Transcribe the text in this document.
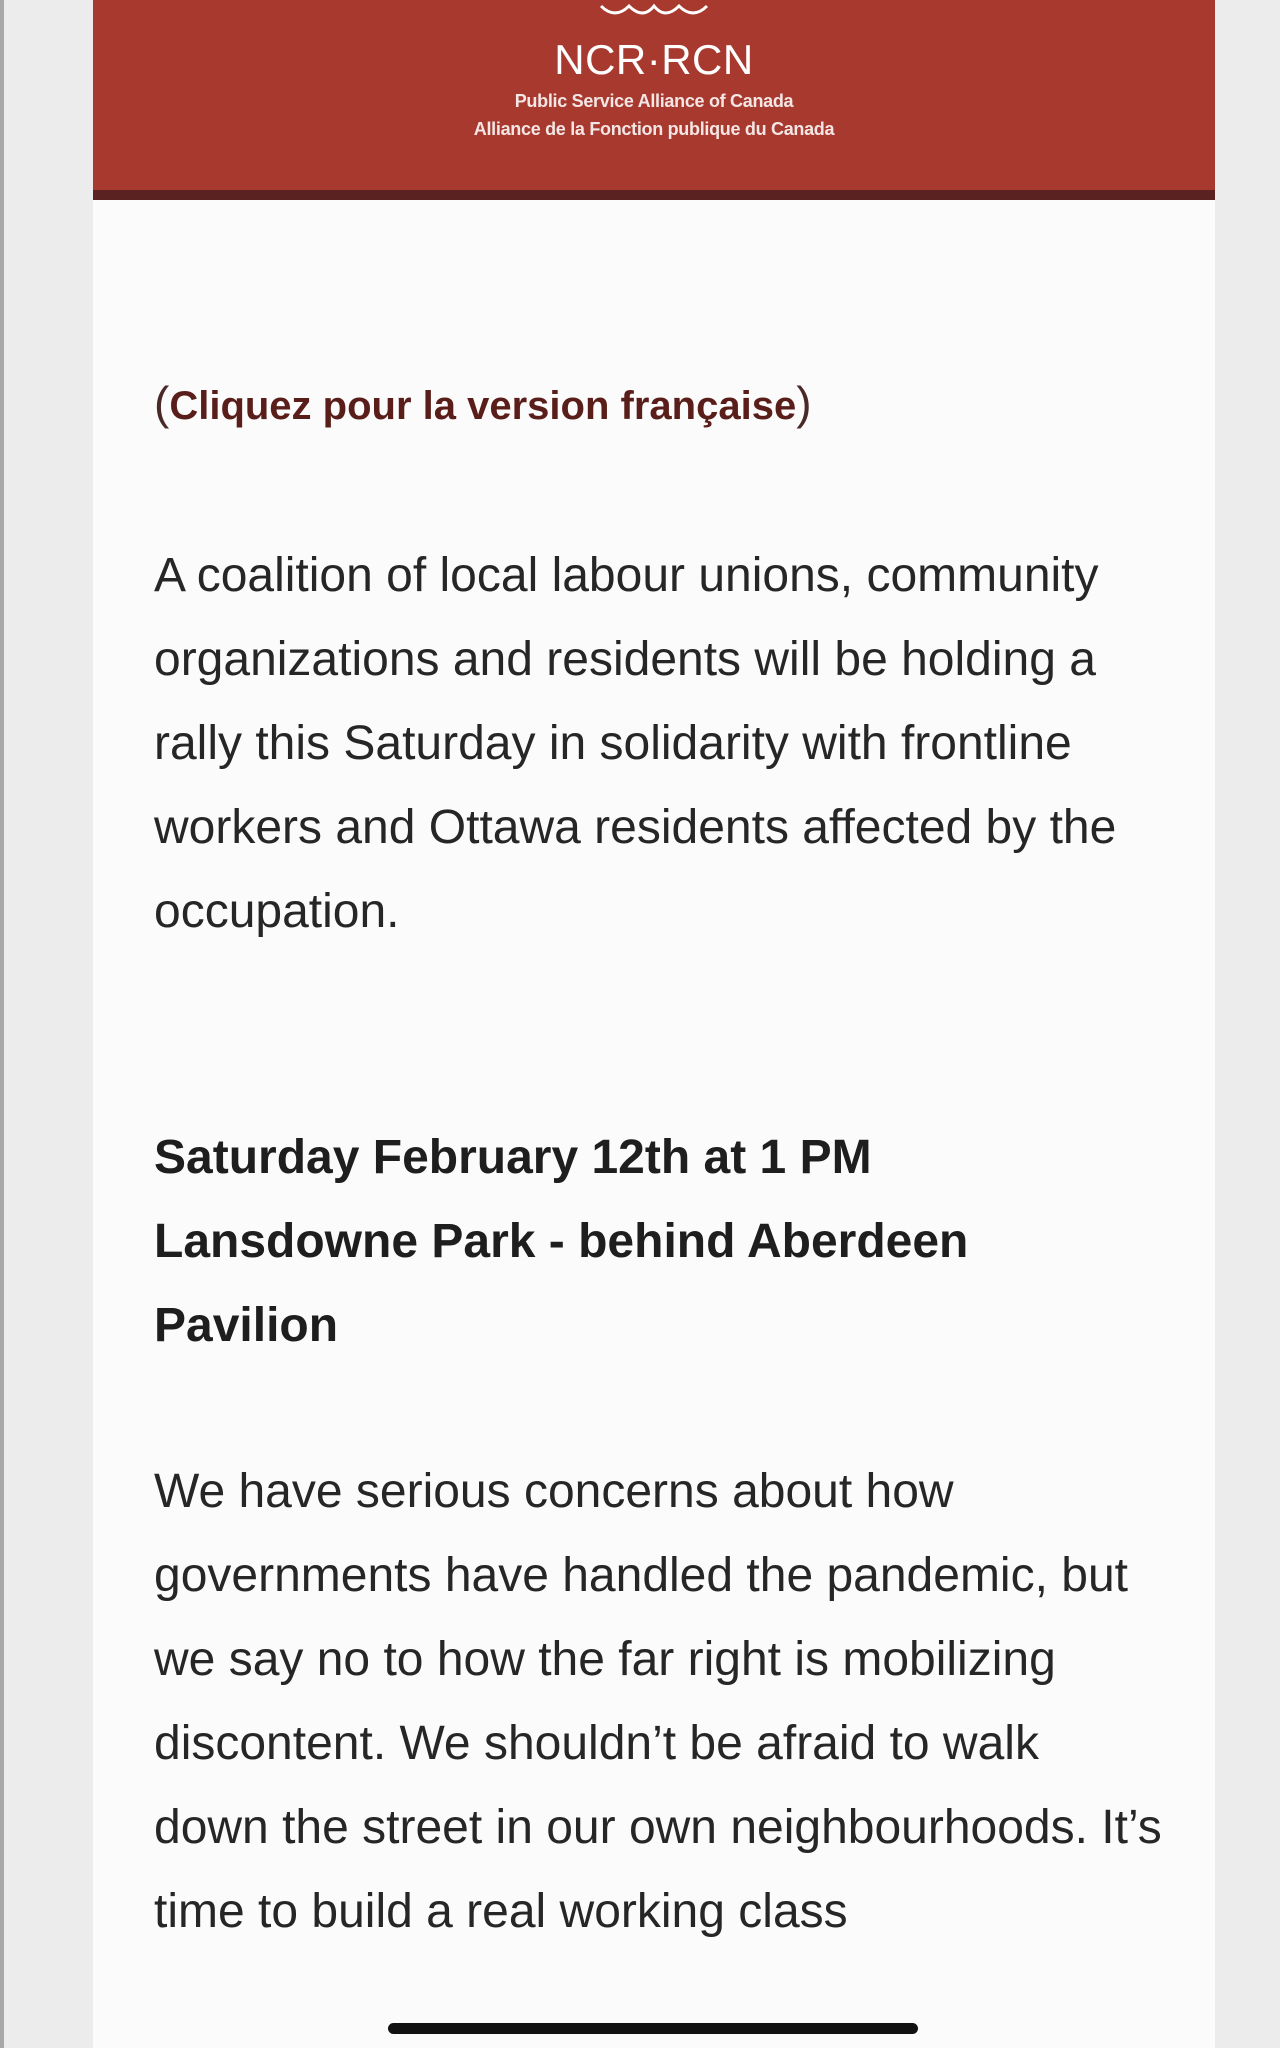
NCR·RCN
Public Service Alliance of Canada
Alliance de la Fonction publique du Canada
(Cliquez pour la version française)

A coalition of local labour unions, community organizations and residents will be holding a rally this Saturday in solidarity with frontline workers and Ottawa residents affected by the occupation.

Saturday February 12th at 1 PM
Lansdowne Park - behind Aberdeen Pavilion

We have serious concerns about how governments have handled the pandemic, but we say no to how the far right is mobilizing discontent. We shouldn’t be afraid to walk down the street in our own neighbourhoods. It’s time to build a real working class
